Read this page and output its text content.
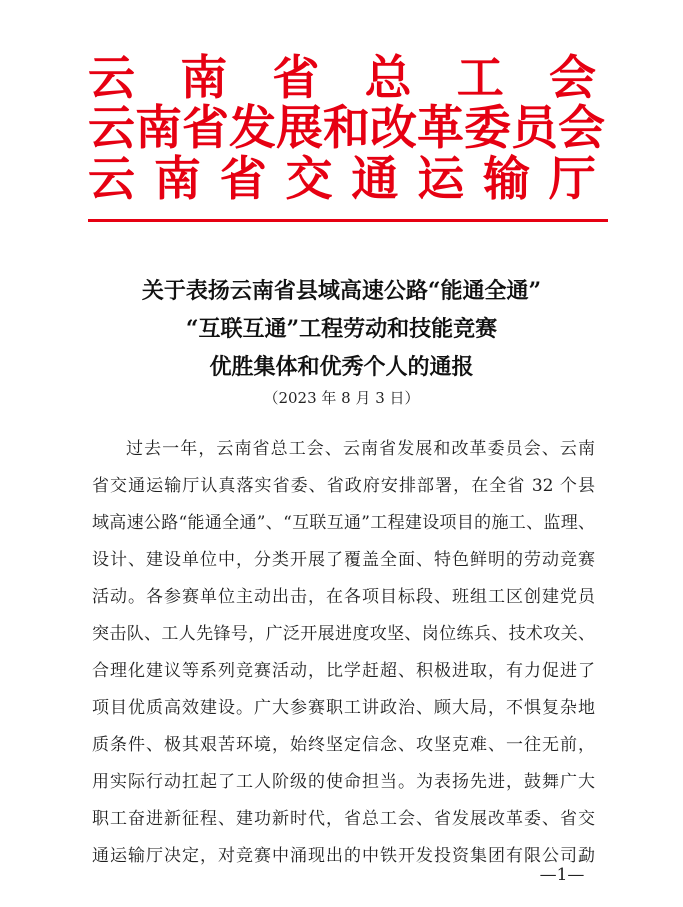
云 南 省 总 工 会
云 南 省 发 展 和 改 革 委 员 会
云 南 省 交 通 运 输 厅
关于表扬云南省县域高速公路“能通全通”
“互联互通”工程劳动和技能竞赛
优胜集体和优秀个人的通报
（2023 年 8 月 3 日）
过去一年，云南省总工会、云南省发展和改革委员会、云南
省交通运输厅认真落实省委、省政府安排部署，在全省 32 个县
域高速公路“能通全通”、“互联互通”工程建设项目的施工、监理、
设计、建设单位中，分类开展了覆盖全面、特色鲜明的劳动竞赛
活动。各参赛单位主动出击，在各项目标段、班组工区创建党员
突击队、工人先锋号，广泛开展进度攻坚、岗位练兵、技术攻关、
合理化建议等系列竞赛活动，比学赶超、积极进取，有力促进了
项目优质高效建设。广大参赛职工讲政治、顾大局，不惧复杂地
质条件、极其艰苦环境，始终坚定信念、攻坚克难、一往无前，
用实际行动扛起了工人阶级的使命担当。为表扬先进，鼓舞广大
职工奋进新征程、建功新时代，省总工会、省发展改革委、省交
通运输厅决定，对竞赛中涌现出的中铁开发投资集团有限公司勐
—1—
